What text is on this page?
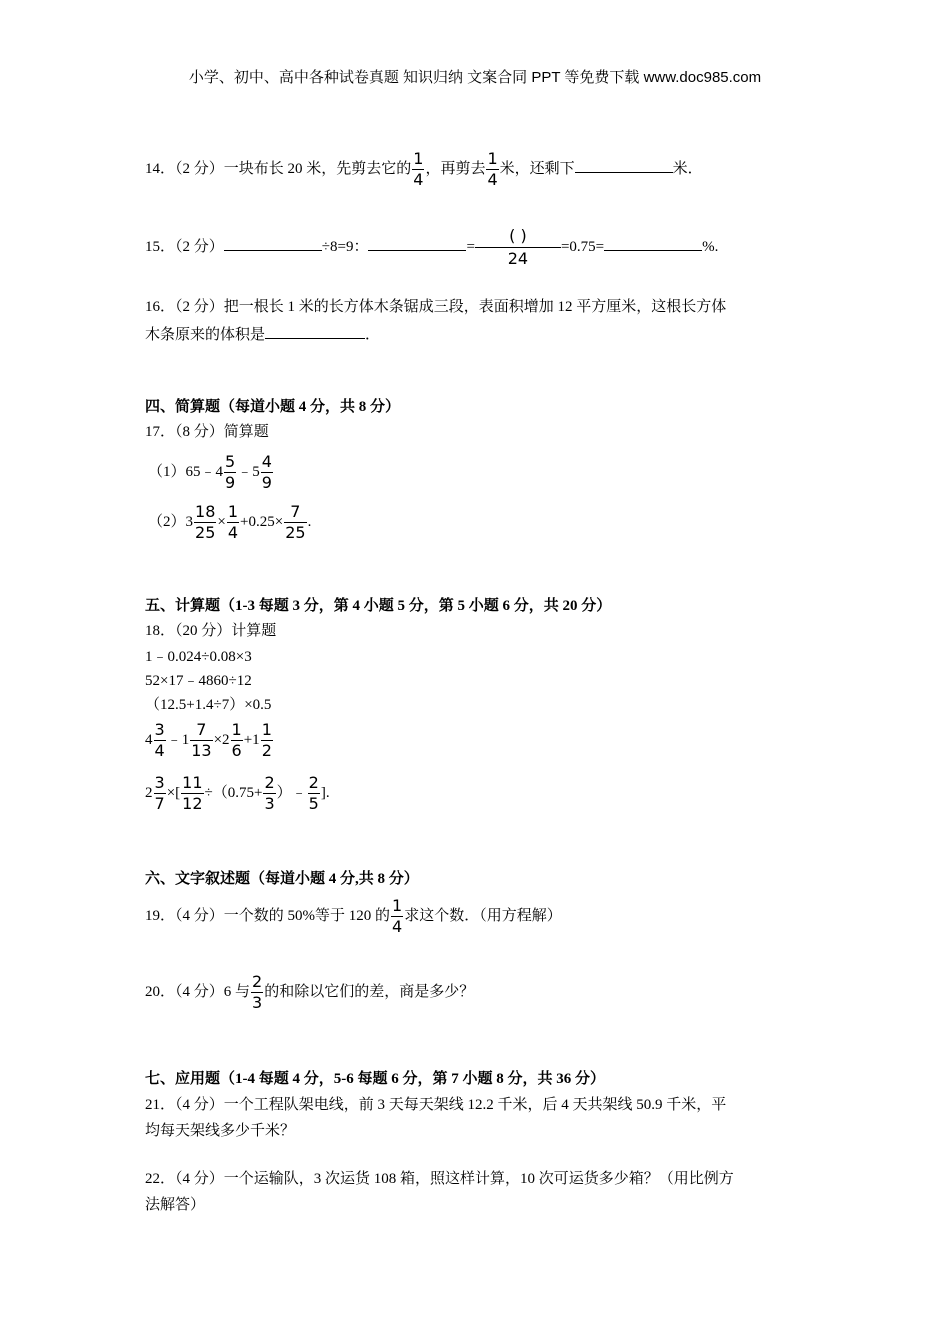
小学、初中、高中各种试卷真题 知识归纳 文案合同 PPT 等免费下载 www.doc985.com
14．（2 分）一块布长 20 米，先剪去它的 $\frac{1}{4}$ ，再剪去 $\frac{1}{4}$ 米，还剩下	米．
15．（2 分）	÷8=9：	=
( )
24
=0.75=	%.
16．（2 分）把一根长 1 米的长方体木条锯成三段，表面积增加 12 平方厘米，这根长方体
木条原来的体积是	．
四、简算题（每道小题 4 分，共 8 分）
17．（8 分）简算题
（1）65﹣4 $\frac{5}{9}$ ﹣5 $\frac{4}{9}$
$(2)3 \frac{18}{25} \times \frac{1}{4} +0.25\times \frac{7}{25}$ .
五、计算题（1-3 每题 3 分，第 4 小题 5 分，第 5 小题 6 分，共 20 分）
18．（20 分）计算题
1﹣0.024÷0.08×3
52×17﹣4860÷12
（12.5+1.4÷7）×0.5
$4 \frac{3}{4}$ ﹣1 $\frac{7}{13} \times 2 \frac{1}{6} +1 \frac{1}{2}$
$2 \frac{3}{7}$ ×[ $\frac{11}{12} \div(0.75+ \frac{2}{3}$ ）﹣ $\frac{2}{5}$ ].
六、文字叙述题（每道小题 4 分,共 8 分）
19．（4 分）一个数的 50%等于 120 的 $\frac{1}{4}$ 求这个数．（用方程解）
20．（4 分）6 与 $\frac{2}{3}$ 的和除以它们的差，商是多少？
七、应用题（1-4 每题 4 分，5-6 每题 6 分，第 7 小题 8 分，共 36 分）
21．（4 分）一个工程队架电线，前 3 天每天架线 12.2 千米，后 4 天共架线 50.9 千米，平
均每天架线多少千米？
22．（4 分）一个运输队，3 次运货 108 箱，照这样计算，10 次可运货多少箱？（用比例方
法解答）
